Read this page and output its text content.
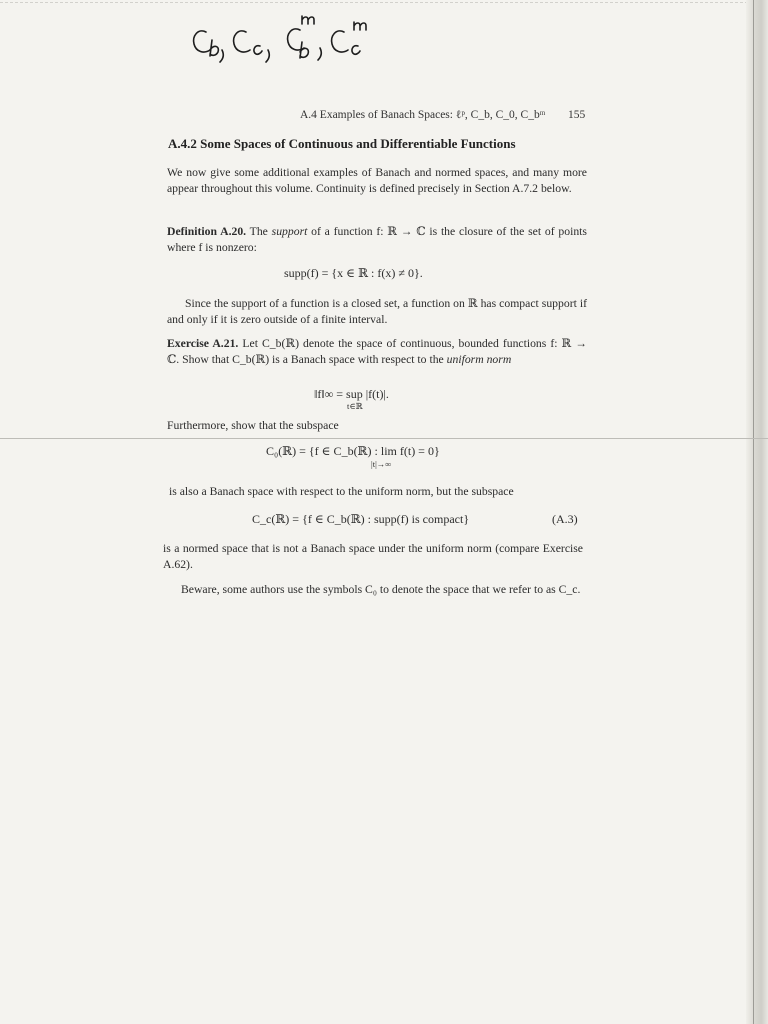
A.4 Examples of Banach Spaces: ℓᵖ, C_b, C_0, C_bᵐ 155
A.4.2 Some Spaces of Continuous and Differentiable Functions

We now give some additional examples of Banach and normed spaces, and many more appear throughout this volume. Continuity is defined precisely in Section A.7.2 below.

Definition A.20. The support of a function f: ℝ → ℂ is the closure of the set of points where f is nonzero:

supp(f) = {x ∈ ℝ : f(x) ≠ 0}.

Since the support of a function is a closed set, a function on ℝ has compact support if and only if it is zero outside of a finite interval.

Exercise A.21. Let C_b(ℝ) denote the space of continuous, bounded functions f: ℝ → ℂ. Show that C_b(ℝ) is a Banach space with respect to the uniform norm

‖f‖∞ = sup |f(t)|.
t∈ℝ

Furthermore, show that the subspace

C₀(ℝ) = {f ∈ C_b(ℝ) : lim f(t) = 0}
|t|→∞

is also a Banach space with respect to the uniform norm, but the subspace

C_c(ℝ) = {f ∈ C_b(ℝ) : supp(f) is compact}	(A.3)

is a normed space that is not a Banach space under the uniform norm (compare Exercise A.62).

Beware, some authors use the symbols C₀ to denote the space that we refer to as C_c.
